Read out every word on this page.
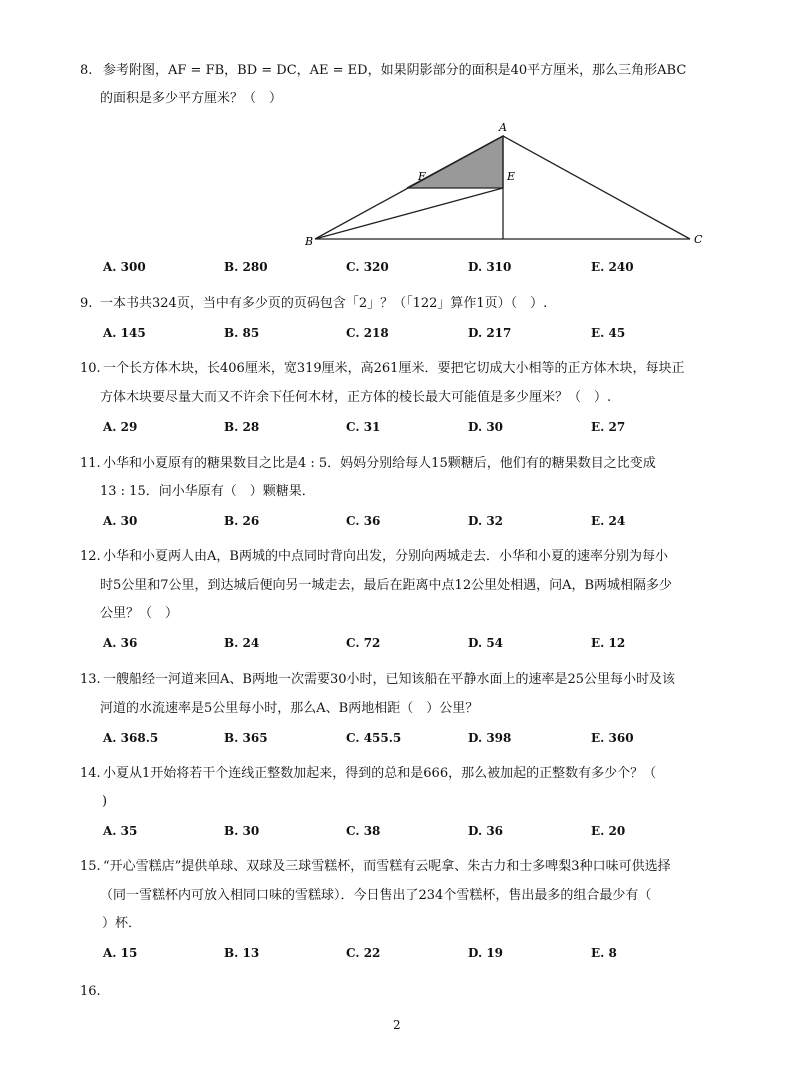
8. 参考附图，AF = FB，BD = DC，AE = ED，如果阴影部分的面积是40平方厘米，那么三角形ABC
的面积是多少平方厘米？（　）
A
B	C
E
F
A. 300	B. 280	C. 320	D. 310	E. 240
9. 一本书共324页，当中有多少页的页码包含「2」？（「122」算作1页）（　）.
A. 145	B. 85	C. 218	D. 217	E. 45
10. 一个长方体木块，长406厘米，宽319厘米，高261厘米．要把它切成大小相等的正方体木块，每块正
方体木块要尽量大而又不许余下任何木材，正方体的棱长最大可能值是多少厘米？（　）.
A. 29	B. 28	C. 31	D. 30	E. 27
11. 小华和小夏原有的糖果数目之比是4 : 5．妈妈分别给每人15颗糖后，他们有的糖果数目之比变成
13 : 15．问小华原有（　）颗糖果．
A. 30	B. 26	C. 36	D. 32	E. 24
12. 小华和小夏两人由A，B两城的中点同时背向出发，分别向两城走去．小华和小夏的速率分别为每小
时5公里和7公里，到达城后便向另一城走去，最后在距离中点12公里处相遇，问A，B两城相隔多少
公里？（　）
A. 36	B. 24	C. 72	D. 54	E. 12
13. 一艘船经一河道来回A、B两地一次需要30小时，已知该船在平静水面上的速率是25公里每小时及该
河道的水流速率是5公里每小时，那么A、B两地相距（　）公里？
A. 368.5	B. 365	C. 455.5	D. 398	E. 360
14. 小夏从1开始将若干个连线正整数加起来，得到的总和是666，那么被加起的正整数有多少个？（
)
A. 35	B. 30	C. 38	D. 36	E. 20
15. “开心雪糕店”提供单球、双球及三球雪糕杯，而雪糕有云呢拿、朱古力和士多啤梨3种口味可供选择
（同一雪糕杯内可放入相同口味的雪糕球）．今日售出了234个雪糕杯，售出最多的组合最少有（
）杯．
A. 15	B. 13	C. 22	D. 19	E. 8
16.
2
